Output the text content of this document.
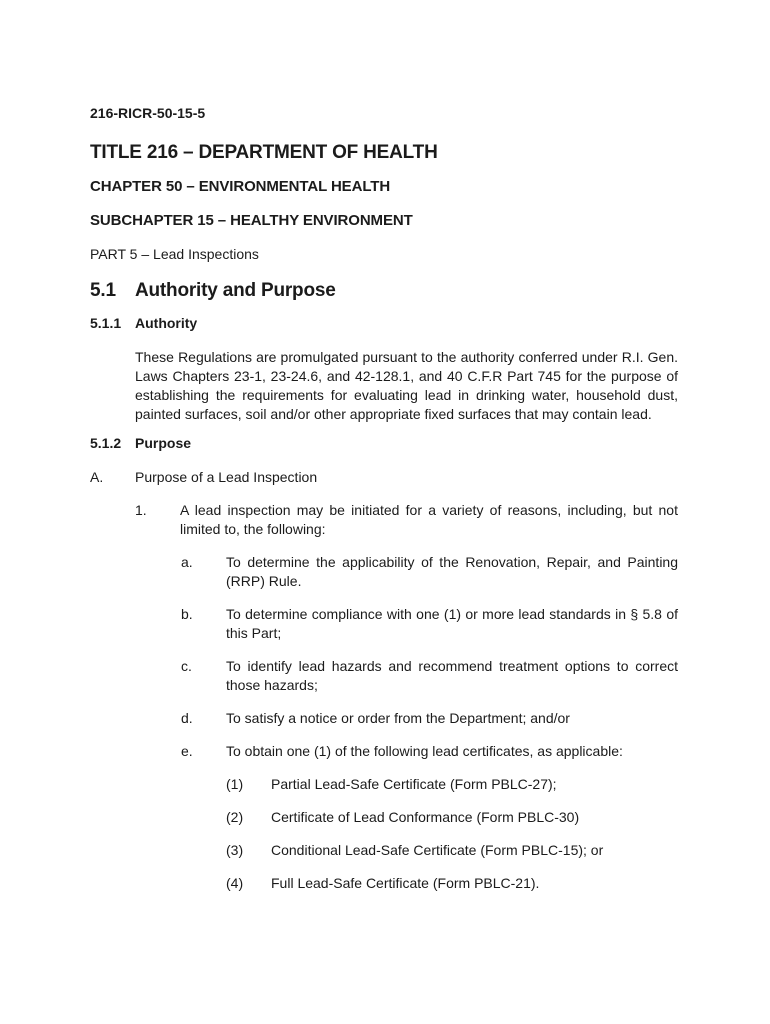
216-RICR-50-15-5
TITLE 216 – DEPARTMENT OF HEALTH
CHAPTER 50 – ENVIRONMENTAL HEALTH
SUBCHAPTER 15 – HEALTHY ENVIRONMENT
PART 5 – Lead Inspections
5.1	Authority and Purpose
5.1.1 Authority

These Regulations are promulgated pursuant to the authority conferred under R.I. Gen. Laws Chapters 23-1, 23-24.6, and 42-128.1, and 40 C.F.R Part 745 for the purpose of establishing the requirements for evaluating lead in drinking water, household dust, painted surfaces, soil and/or other appropriate fixed surfaces that may contain lead.

5.1.2 Purpose
A.	Purpose of a Lead Inspection
1.	A lead inspection may be initiated for a variety of reasons, including, but not limited to, the following:
a.	To determine the applicability of the Renovation, Repair, and Painting (RRP) Rule.
b.	To determine compliance with one (1) or more lead standards in § 5.8 of this Part;
c.	To identify lead hazards and recommend treatment options to correct those hazards;
d.	To satisfy a notice or order from the Department; and/or
e.	To obtain one (1) of the following lead certificates, as applicable:
(1)	Partial Lead-Safe Certificate (Form PBLC-27);
(2)	Certificate of Lead Conformance (Form PBLC-30)
(3)	Conditional Lead-Safe Certificate (Form PBLC-15); or
(4)	Full Lead-Safe Certificate (Form PBLC-21).
